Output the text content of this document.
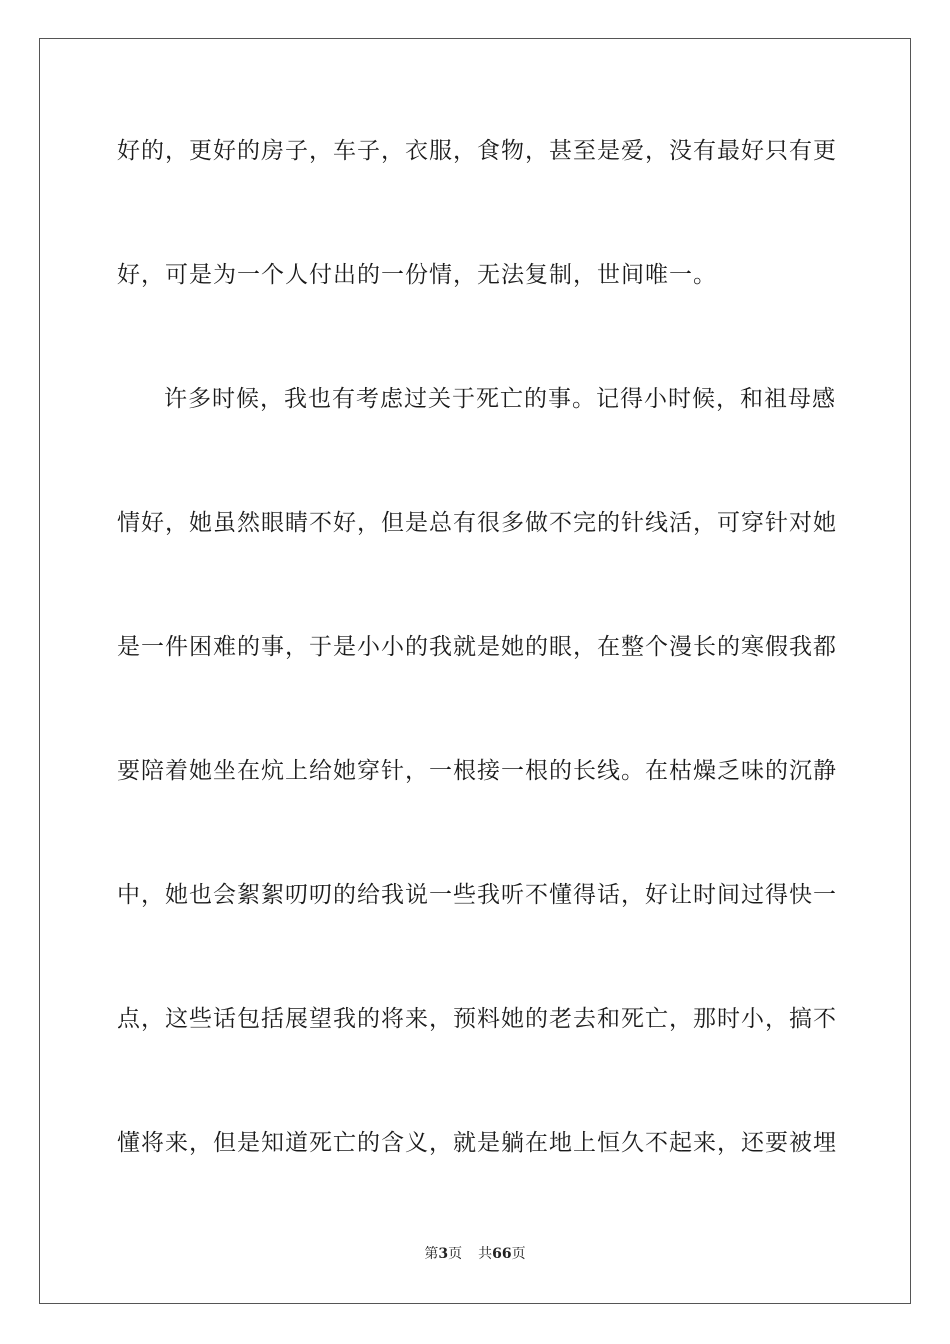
好的，更好的房子，车子，衣服，食物，甚至是爱，没有最好只有更
好，可是为一个人付出的一份情，无法复制，世间唯一。
许多时候，我也有考虑过关于死亡的事。记得小时候，和祖母感
情好，她虽然眼睛不好，但是总有很多做不完的针线活，可穿针对她
是一件困难的事，于是小小的我就是她的眼，在整个漫长的寒假我都
要陪着她坐在炕上给她穿针，一根接一根的长线。在枯燥乏味的沉静
中，她也会絮絮叨叨的给我说一些我听不懂得话，好让时间过得快一
点，这些话包括展望我的将来，预料她的老去和死亡，那时小，搞不
懂将来，但是知道死亡的含义，就是躺在地上恒久不起来，还要被埋
第3页 共66页
